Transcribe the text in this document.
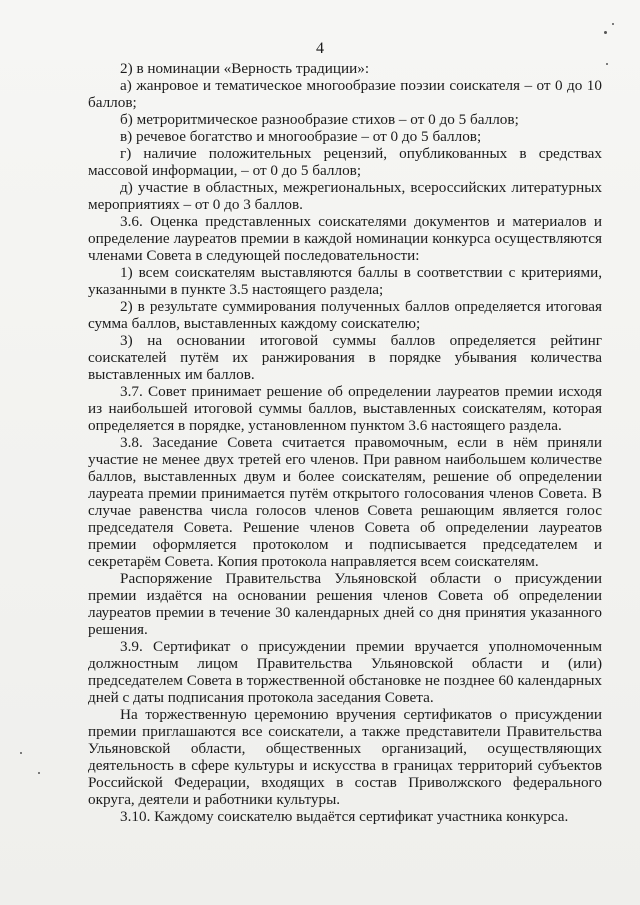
4

2) в номинации «Верность традиции»:

а) жанровое и тематическое многообразие поэзии соискателя – от 0 до 10 баллов;

б) метроритмическое разнообразие стихов – от 0 до 5 баллов;

в) речевое богатство и многообразие – от 0 до 5 баллов;

г) наличие положительных рецензий, опубликованных в средствах массовой информации, – от 0 до 5 баллов;

д) участие в областных, межрегиональных, всероссийских литературных мероприятиях – от 0 до 3 баллов.

3.6. Оценка представленных соискателями документов и материалов и определение лауреатов премии в каждой номинации конкурса осуществляются членами Совета в следующей последовательности:

1) всем соискателям выставляются баллы в соответствии с критериями, указанными в пункте 3.5 настоящего раздела;

2) в результате суммирования полученных баллов определяется итоговая сумма баллов, выставленных каждому соискателю;

3) на основании итоговой суммы баллов определяется рейтинг соискателей путём их ранжирования в порядке убывания количества выставленных им баллов.

3.7. Совет принимает решение об определении лауреатов премии исходя из наибольшей итоговой суммы баллов, выставленных соискателям, которая определяется в порядке, установленном пунктом 3.6 настоящего раздела.

3.8. Заседание Совета считается правомочным, если в нём приняли участие не менее двух третей его членов. При равном наибольшем количестве баллов, выставленных двум и более соискателям, решение об определении лауреата премии принимается путём открытого голосования членов Совета. В случае равенства числа голосов членов Совета решающим является голос председателя Совета. Решение членов Совета об определении лауреатов премии оформляется протоколом и подписывается председателем и секретарём Совета. Копия протокола направляется всем соискателям.

Распоряжение Правительства Ульяновской области о присуждении премии издаётся на основании решения членов Совета об определении лауреатов премии в течение 30 календарных дней со дня принятия указанного решения.

3.9. Сертификат о присуждении премии вручается уполномоченным должностным лицом Правительства Ульяновской области и (или) председателем Совета в торжественной обстановке не позднее 60 календарных дней с даты подписания протокола заседания Совета.

На торжественную церемонию вручения сертификатов о присуждении премии приглашаются все соискатели, а также представители Правительства Ульяновской области, общественных организаций, осуществляющих деятельность в сфере культуры и искусства в границах территорий субъектов Российской Федерации, входящих в состав Приволжского федерального округа, деятели и работники культуры.

3.10. Каждому соискателю выдаётся сертификат участника конкурса.
